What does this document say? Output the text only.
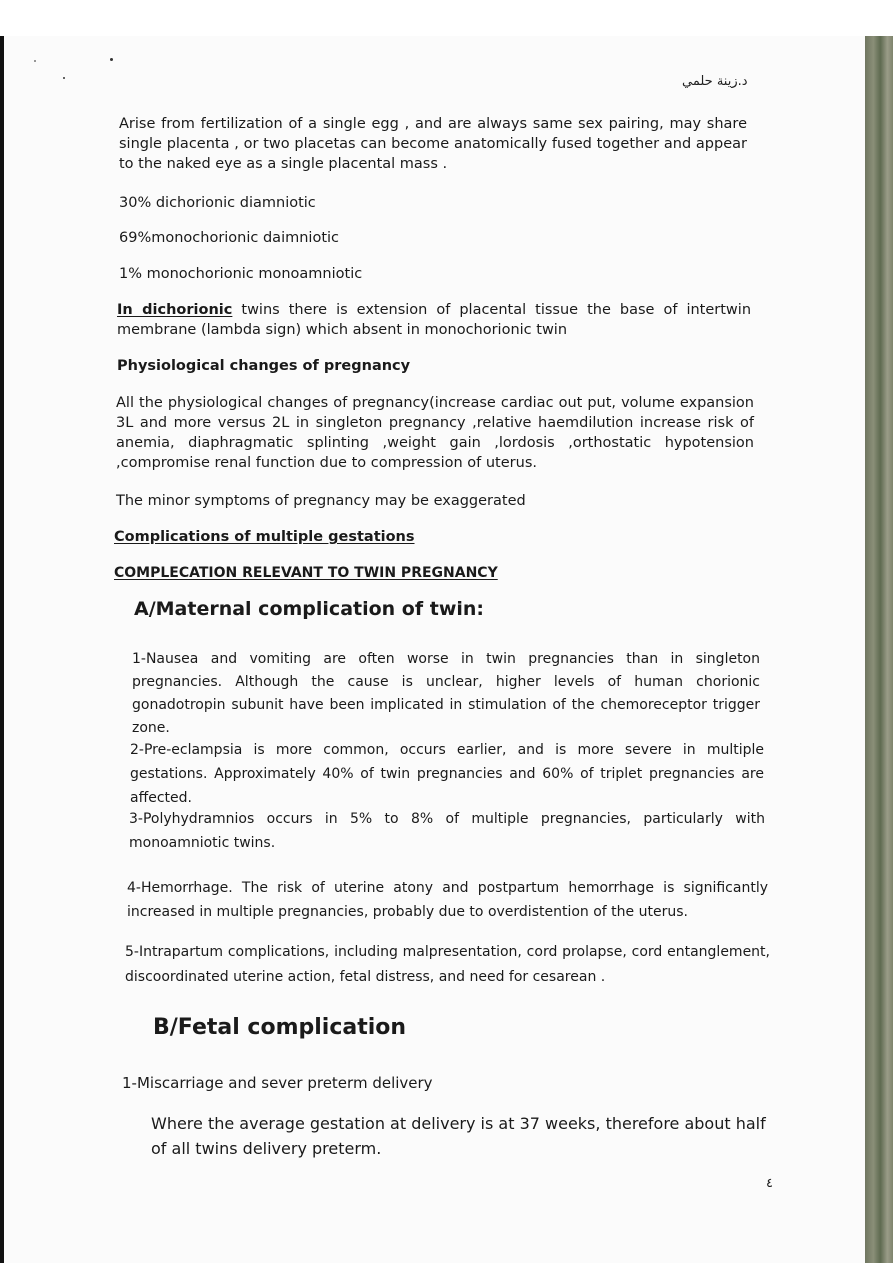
د.زينة حلمي

Arise from fertilization of a single egg , and are always same sex pairing, may share single placenta , or two placetas can become anatomically fused together and appear to the naked eye as a single placental mass .

30% dichorionic diamniotic

69%monochorionic daimniotic

1% monochorionic monoamniotic

In dichorionic twins there is extension of placental tissue the base of intertwin membrane (lambda sign) which absent in monochorionic twin

Physiological changes of pregnancy

All the physiological changes of pregnancy(increase cardiac out put, volume expansion 3L and more versus 2L in singleton pregnancy ,relative haemdilution increase risk of anemia, diaphragmatic splinting ,weight gain ,lordosis ,orthostatic hypotension ,compromise renal function due to compression of uterus.

The minor symptoms of pregnancy may be exaggerated

Complications of multiple gestations

COMPLECATION RELEVANT TO TWIN PREGNANCY

A/Maternal complication of twin:

1-Nausea and vomiting are often worse in twin pregnancies than in singleton pregnancies. Although the cause is unclear, higher levels of human chorionic gonadotropin subunit have been implicated in stimulation of the chemoreceptor trigger zone.

2-Pre-eclampsia is more common, occurs earlier, and is more severe in multiple gestations. Approximately 40% of twin pregnancies and 60% of triplet pregnancies are affected.

3-Polyhydramnios occurs in 5% to 8% of multiple pregnancies, particularly with monoamniotic twins.

4-Hemorrhage. The risk of uterine atony and postpartum hemorrhage is significantly increased in multiple pregnancies, probably due to overdistention of the uterus.

5-Intrapartum complications, including malpresentation, cord prolapse, cord entanglement, discoordinated uterine action, fetal distress, and need for cesarean .

B/Fetal complication

1-Miscarriage and sever preterm delivery

Where the average gestation at delivery is at 37 weeks, therefore about half of all twins delivery preterm.

٤
